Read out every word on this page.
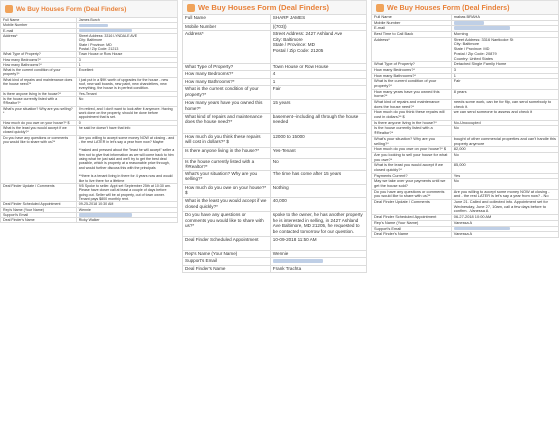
We Buy Houses Form (Deal Finders)
Full Name	James Burch
Mobile Number	
E-mail	
Address*	Street Address: 3316 LYNDALE AVE
City: Baltimore
State / Province: MD
Postal / Zip Code: 21213
What Type of Property?	Town House or Row House
How many Bedrooms?*	3
How many Bathrooms?*	1
What is the current condition of your property?*	Excellent
What kind of repairs and maintenance does the house need?*	I just put in a $9K worth of upgrades for the house - new roof, new wall boards, new paint, new chandeliers, new everything, the house is in perfect condition.
Is there anyone living in the house?*	Yes-Tenant
Is the house currently listed with a ®Realtor?*	No
What's your situation? Why are you selling?*	I'm retired, and I don't want to look after it anymore. Having work done on the property, should be done before appointment that is set.
How much do you owe on your house?* $	0
What is the least you would accept if we closed quickly?*	he said he doesn't have that info
Do you have any questions or comments you would like to share with us?*	Are you willing to accept some money NOW at closing - and - the rest LATER in let's say a year from now? Maybe

**asked and pressed about the "least he will accept" seller a firm not to give that information as we will come back to him using what he just said and we'll try to get the best deal possible, which is property at a reasonable price through, and would further discuss this with the principals

**there is a tenant living in there for 4 years now and would like to live there for a lifetime
Deal Finder Update / Comments	9/5 Spoke to seller. Appt set September 25th at 10:30 am. Please have closer call at least a couple of days before going out. Seller will be at property, out of town owner. Tenant pays $800 monthly rent.
Deal Finder Scheduled Appointment	09-25-2018 10:30 AM
Rep's Name (Your Name)	Wennie
Support's Email	
Deal Finder's Name	Ricky Walker
We Buy Houses Form (Deal Finders)
Full Name	SHARP JAMES
Mobile Number	((703))
Address*	Street Address: 2427 Ashland Ave
City: Baltimore
State / Province: MD
Postal / Zip Code: 21205
What Type of Property?	Town House or Row House
How many Bedrooms?*	4
How many Bathrooms?*	1
What is the current condition of your property?*	Fair
How many years have you owned this home?*	15 years
What kind of repairs and maintenance does the house need?*	basement--including all through the house needed
How much do you think these repairs will cost in dollars?* $	12000 to 15000
Is there anyone living in the house?*	Yes-Tenant
Is the house currently listed with a ®Realtor?*	No
What's your situation? Why are you selling?*	The time has come after 15 years
How much do you owe on your house?* $	Nothing
What is the least you would accept if we closed quickly?*	40,000
Do you have any questions or comments you would like to share with us?*	spoke to the owner, he has another property he is interested in selling, in 2427 Ashland Ave Baltimore, MD 21205, he requested to be contacted tomorrow for our question.
Deal Finder Scheduled Appointment	10-09-2018 11:50 AM
Rep's Name (Your Name)	Wennie
Support's Email	
Deal Finder's Name	Frank Trachta
We Buy Houses Form (Deal Finders)
Full Name	mabas BRAHA
Mobile Number	
E-mail	
Best Time to Call Back	Morning
Address*	Street Address: 3316 Nanticoke St
City: Baltimore
State / Province: MD
Postal / Zip Code: 20879
Country: United States
What Type of Property?	Detached Single Family Home
How many Bedrooms?*	3
How many Bathrooms?*	1
What is the current condition of your property?*	Fair
How many years have you owned this home?*	8 years
What kind of repairs and maintenance does the house need?*	needs some work, can be for flip, can send somebody to check it.
How much do you think these repairs will cost in dollars?* $	we can send someone to assess and check it
Is there anyone living in the house?*	No-Unoccupied
Is the house currently listed with a ®Realtor?*	No
What's your situation? Why are you selling?*	bought of other commercial properties and can't handle this property anymore
How much do you owe on your house?* $	82,000
Are you looking to sell your house for what you owe?*	No
What is the least you would accept if we closed quickly?*	85,000
Payments Current?	Yes
May we take over your payments until we get the house sold?	No
Do you have any questions or comments you would like to share with us?*	Are you willing to accept some money NOW at closing - and - the rest LATER is let's say a year from now? - No
Deal Finder Update / Comments	June 21. Called and collected info. Appointment set for Wednesday, June 27, 10am, call a few days before to confirm. -Vanessa A
Deal Finder Scheduled Appointment	06-27-2018 10:00 AM
Rep's Name (Your Name)	Vanessa A
Support's Email	
Deal Finder's Name	Vanessa A
